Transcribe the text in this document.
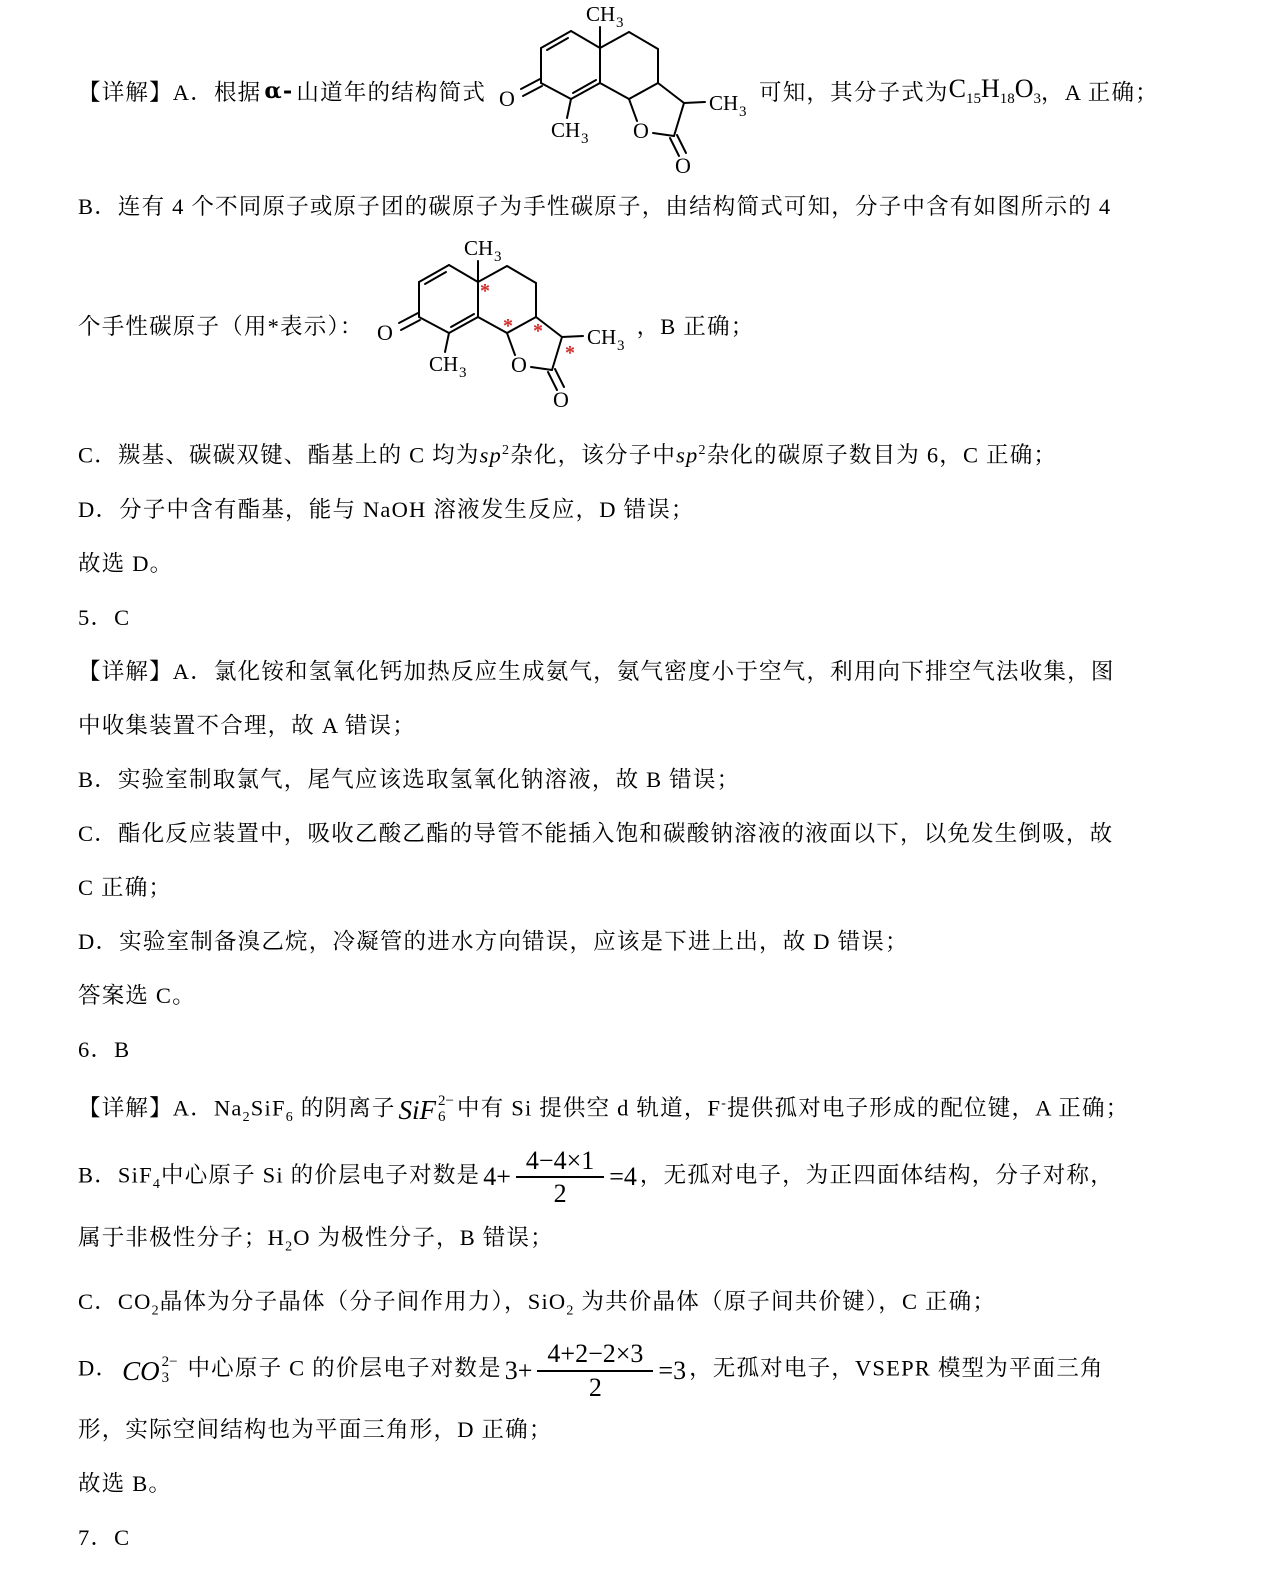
【详解】A．根据 α- 山道年的结构简式
CH 3
CH 3
CH 3
O
O
O
可知，其分子式为 $C_{15}H_{18}O_3$ ，A 正确；

B．连有 4 个不同原子或原子团的碳原子为手性碳原子，由结构简式可知，分子中含有如图所示的 4

个手性碳原子（用*表示）：
CH 3
CH 3
CH 3
O
O
O
*
* *
*
，B 正确；

C．羰基、碳碳双键、酯基上的 C 均为$sp^2$杂化，该分子中$sp^2$杂化的碳原子数目为 6，C 正确；

D．分子中含有酯基，能与 NaOH 溶液发生反应，D 错误；

故选 D。

5．C

【详解】A．氯化铵和氢氧化钙加热反应生成氨气，氨气密度小于空气，利用向下排空气法收集，图

中收集装置不合理，故 A 错误；

B．实验室制取氯气，尾气应该选取氢氧化钠溶液，故 B 错误；

C．酯化反应装置中，吸收乙酸乙酯的导管不能插入饱和碳酸钠溶液的液面以下，以免发生倒吸，故

C 正确；

D．实验室制备溴乙烷，冷凝管的进水方向错误，应该是下进上出，故 D 错误；

答案选 C。

6．B

【详解】A．$Na_2SiF_6$ 的阴离子 SiF 2−
6 中有 Si 提供空 d 轨道，F-提供孤对电子形成的配位键，A 正确；

B．SiF$_4$中心原子 Si 的价层电子对数是 $4+ \frac{4-4\times 1}{2} =4$ ，无孤对电子，为正四面体结构，分子对称，

属于非极性分子；$H_2O$ 为极性分子，B 错误；

C．$CO_2$晶体为分子晶体（分子间作用力），SiO$_2$ 为共价晶体（原子间共价键），C 正确；

D． CO 2−
3 中心原子 C 的价层电子对数是 $3+ \frac{4+2-2\times 3}{2} =3$ ，无孤对电子，VSEPR 模型为平面三角

形，实际空间结构也为平面三角形，D 正确；

故选 B。

7．C
